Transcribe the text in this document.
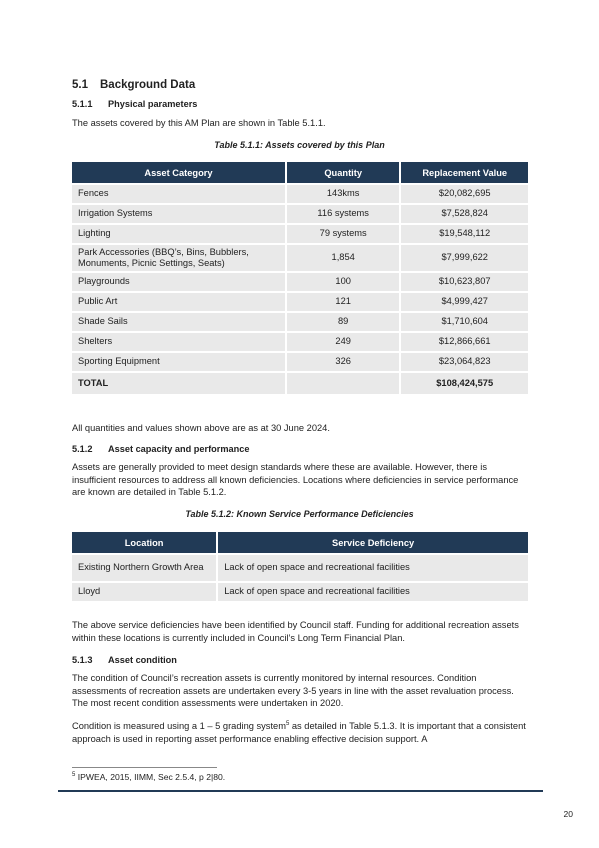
5.1 Background Data
5.1.1 Physical parameters
The assets covered by this AM Plan are shown in Table 5.1.1.
Table 5.1.1: Assets covered by this Plan
Asset Category	Quantity	Replacement Value
Fences	143kms	$20,082,695
Irrigation Systems	116 systems	$7,528,824
Lighting	79 systems	$19,548,112
Park Accessories (BBQ’s, Bins, Bubblers, Monuments, Picnic Settings, Seats)	1,854	$7,999,622
Playgrounds	100	$10,623,807
Public Art	121	$4,999,427
Shade Sails	89	$1,710,604
Shelters	249	$12,866,661
Sporting Equipment	326	$23,064,823
TOTAL		$108,424,575
All quantities and values shown above are as at 30 June 2024.
5.1.2 Asset capacity and performance
Assets are generally provided to meet design standards where these are available. However, there is insufficient resources to address all known deficiencies. Locations where deficiencies in service performance are known are detailed in Table 5.1.2.
Table 5.1.2: Known Service Performance Deficiencies
Location	Service Deficiency
Existing Northern Growth Area	Lack of open space and recreational facilities
Lloyd	Lack of open space and recreational facilities
The above service deficiencies have been identified by Council staff. Funding for additional recreation assets within these locations is currently included in Council’s Long Term Financial Plan.
5.1.3 Asset condition
The condition of Council’s recreation assets is currently monitored by internal resources. Condition assessments of recreation assets are undertaken every 3-5 years in line with the asset revaluation process. The most recent condition assessments were undertaken in 2020.
Condition is measured using a 1 – 5 grading system$^5$ as detailed in Table 5.1.3. It is important that a consistent approach is used in reporting asset performance enabling effective decision support. A
$^5$ IPWEA, 2015, IIMM, Sec 2.5.4, p 2|80.
20
